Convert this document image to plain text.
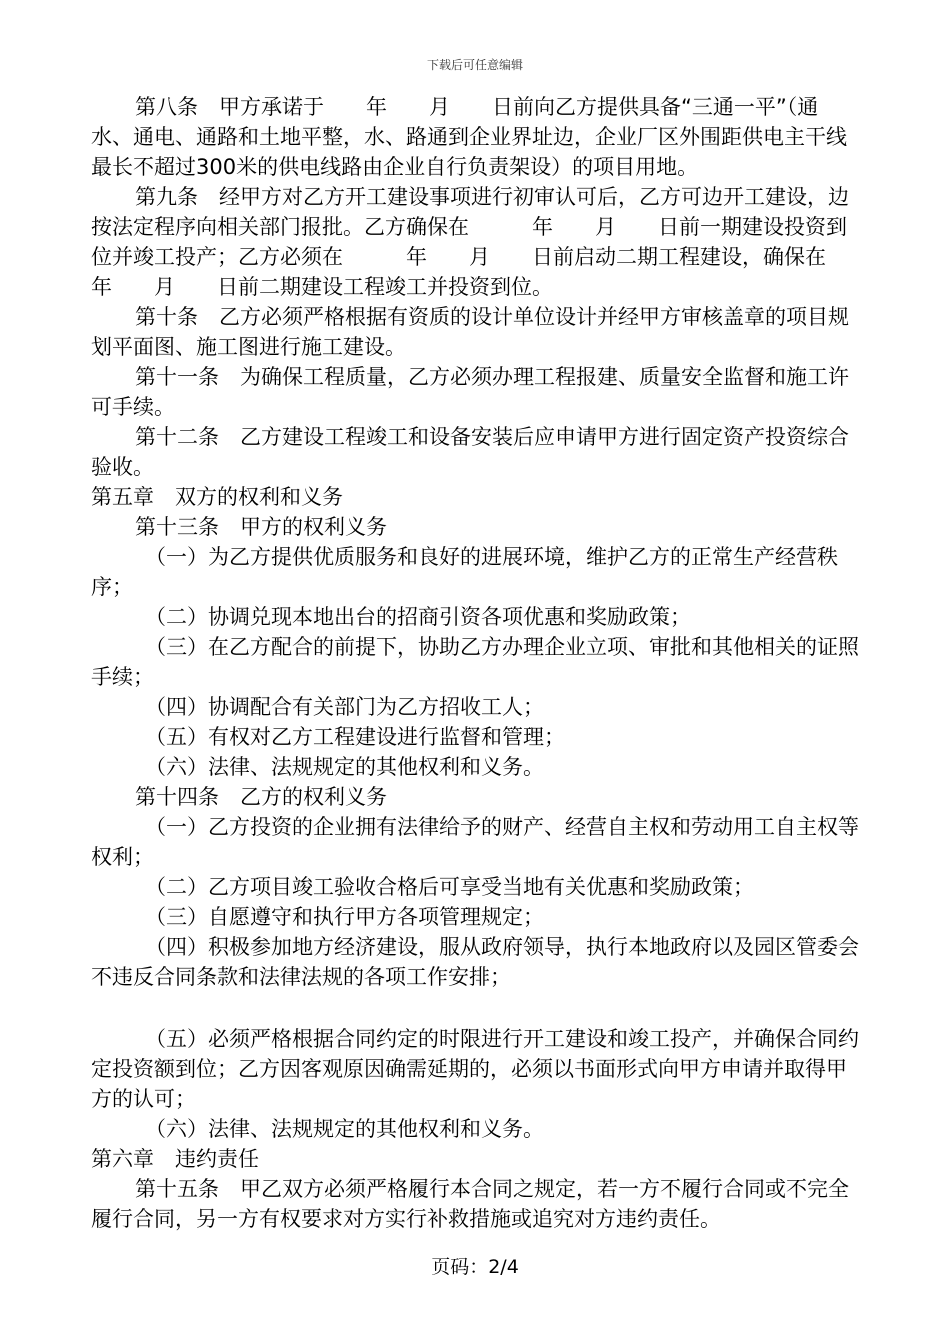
下载后可任意编辑

第八条　甲方承诺于　　年　　月　　日前向乙方提供具备“三通一平”（通水、通电、通路和土地平整，水、路通到企业界址边，企业厂区外围距供电主干线最长不超过300米的供电线路由企业自行负责架设）的项目用地。

第九条　经甲方对乙方开工建设事项进行初审认可后，乙方可边开工建设，边按法定程序向相关部门报批。乙方确保在　　　年　　月　　日前一期建设投资到位并竣工投产；乙方必须在　　　年　　月　　日前启动二期工程建设，确保在　　　年　　月　　日前二期建设工程竣工并投资到位。

第十条　乙方必须严格根据有资质的设计单位设计并经甲方审核盖章的项目规划平面图、施工图进行施工建设。

第十一条　为确保工程质量，乙方必须办理工程报建、质量安全监督和施工许可手续。

第十二条　乙方建设工程竣工和设备安装后应申请甲方进行固定资产投资综合验收。

第五章　双方的权利和义务

第十三条　甲方的权利义务

（一）为乙方提供优质服务和良好的进展环境，维护乙方的正常生产经营秩序；

（二）协调兑现本地出台的招商引资各项优惠和奖励政策；

（三）在乙方配合的前提下，协助乙方办理企业立项、审批和其他相关的证照手续；

（四）协调配合有关部门为乙方招收工人；

（五）有权对乙方工程建设进行监督和管理；

（六）法律、法规规定的其他权利和义务。

第十四条　乙方的权利义务

（一）乙方投资的企业拥有法律给予的财产、经营自主权和劳动用工自主权等权利；

（二）乙方项目竣工验收合格后可享受当地有关优惠和奖励政策；

（三）自愿遵守和执行甲方各项管理规定；

（四）积极参加地方经济建设，服从政府领导，执行本地政府以及园区管委会不违反合同条款和法律法规的各项工作安排；

（五）必须严格根据合同约定的时限进行开工建设和竣工投产，并确保合同约定投资额到位；乙方因客观原因确需延期的，必须以书面形式向甲方申请并取得甲方的认可；

（六）法律、法规规定的其他权利和义务。

第六章　违约责任

第十五条　甲乙双方必须严格履行本合同之规定，若一方不履行合同或不完全履行合同，另一方有权要求对方实行补救措施或追究对方违约责任。

页码：2/4
